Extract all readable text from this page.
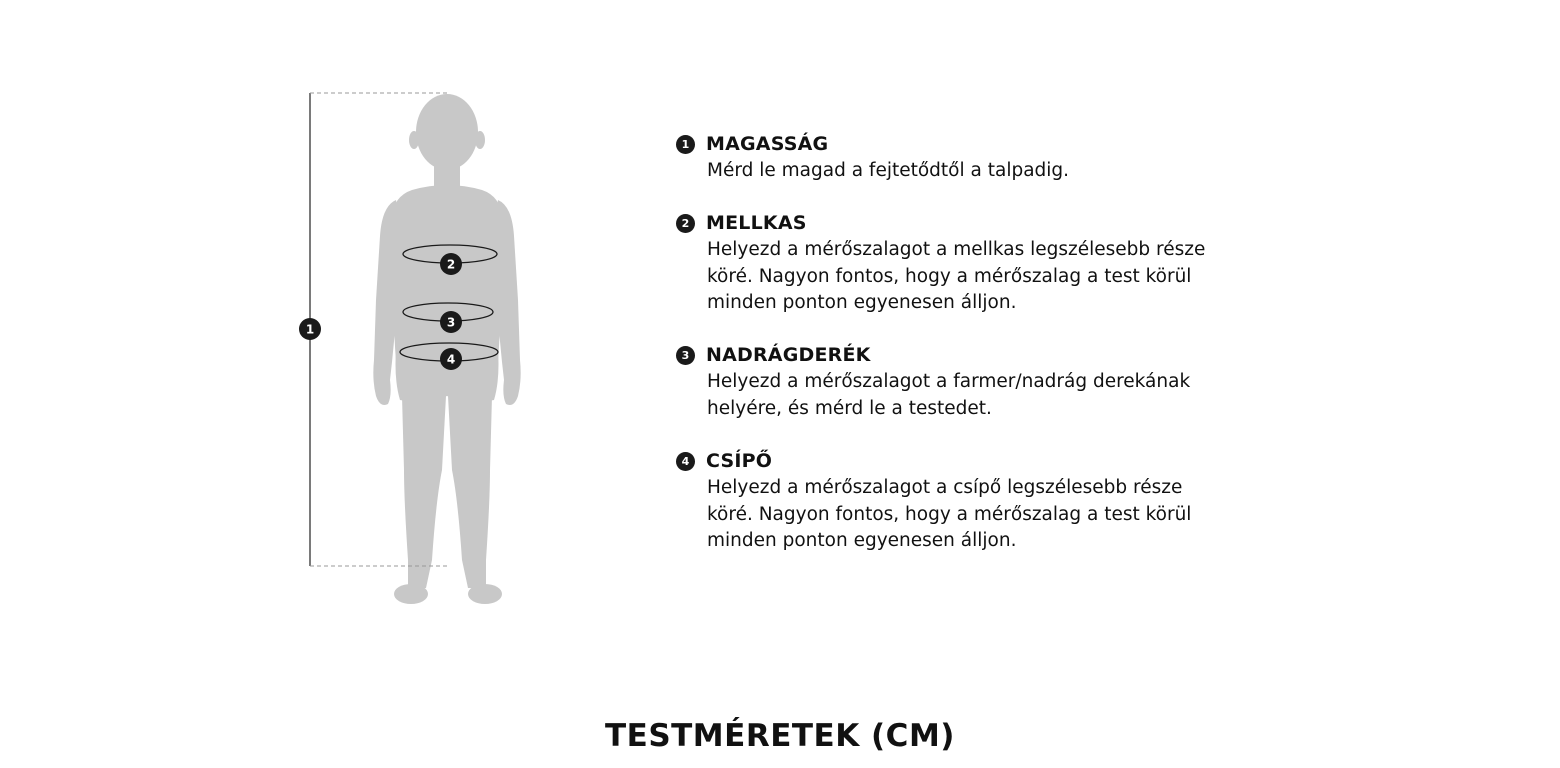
1
2
3
4
1 MAGASSÁG
Mérd le magad a fejtetődtől a talpadig.
2 MELLKAS
Helyezd a mérőszalagot a mellkas legszélesebb része
köré. Nagyon fontos, hogy a mérőszalag a test körül
minden ponton egyenesen álljon.
3 NADRÁGDERÉK
Helyezd a mérőszalagot a farmer/nadrág derekának
helyére, és mérd le a testedet.
4 CSÍPŐ
Helyezd a mérőszalagot a csípő legszélesebb része
köré. Nagyon fontos, hogy a mérőszalag a test körül
minden ponton egyenesen álljon.
TESTMÉRETEK (CM)
